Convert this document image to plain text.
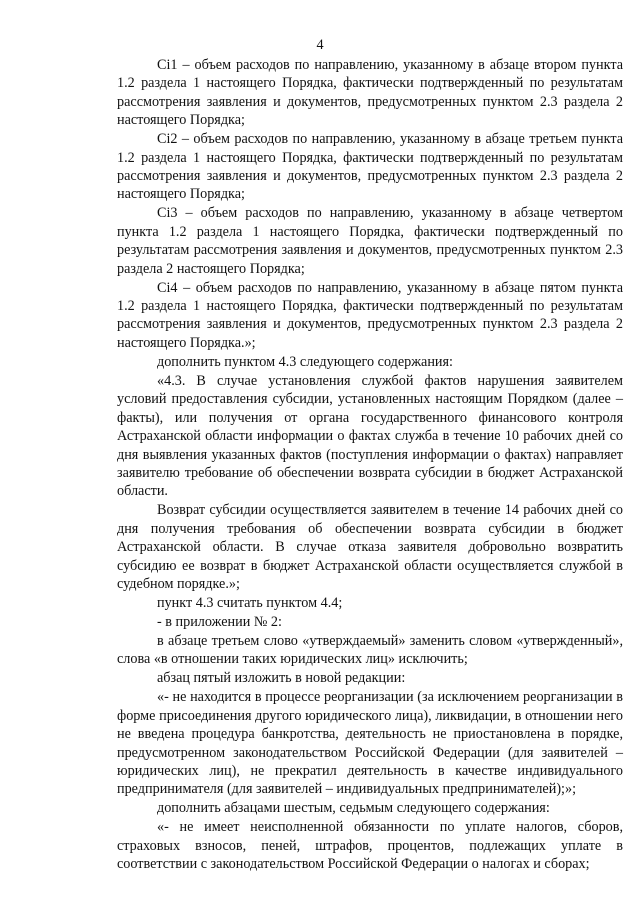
4

Ci1 – объем расходов по направлению, указанному в абзаце втором пункта 1.2 раздела 1 настоящего Порядка, фактически подтвержденный по результатам рассмотрения заявления и документов, предусмотренных пунктом 2.3 раздела 2 настоящего Порядка;

Ci2 – объем расходов по направлению, указанному в абзаце третьем пункта 1.2 раздела 1 настоящего Порядка, фактически подтвержденный по результатам рассмотрения заявления и документов, предусмотренных пунктом 2.3 раздела 2 настоящего Порядка;

Ci3 – объем расходов по направлению, указанному в абзаце четвертом пункта 1.2 раздела 1 настоящего Порядка, фактически подтвержденный по результатам рассмотрения заявления и документов, предусмотренных пунктом 2.3 раздела 2 настоящего Порядка;

Ci4 – объем расходов по направлению, указанному в абзаце пятом пункта 1.2 раздела 1 настоящего Порядка, фактически подтвержденный по результатам рассмотрения заявления и документов, предусмотренных пунктом 2.3 раздела 2 настоящего Порядка.»;

дополнить пунктом 4.3 следующего содержания:

«4.3. В случае установления службой фактов нарушения заявителем условий предоставления субсидии, установленных настоящим Порядком (далее – факты), или получения от органа государственного финансового контроля Астраханской области информации о фактах служба в течение 10 рабочих дней со дня выявления указанных фактов (поступления информации о фактах) направляет заявителю требование об обеспечении возврата субсидии в бюджет Астраханской области.

Возврат субсидии осуществляется заявителем в течение 14 рабочих дней со дня получения требования об обеспечении возврата субсидии в бюджет Астраханской области. В случае отказа заявителя добровольно возвратить субсидию ее возврат в бюджет Астраханской области осуществляется службой в судебном порядке.»;

пункт 4.3 считать пунктом 4.4;

- в приложении № 2:

в абзаце третьем слово «утверждаемый» заменить словом «утвержденный», слова «в отношении таких юридических лиц» исключить;

абзац пятый изложить в новой редакции:

«- не находится в процессе реорганизации (за исключением реорганизации в форме присоединения другого юридического лица), ликвидации, в отношении него не введена процедура банкротства, деятельность не приостановлена в порядке, предусмотренном законодательством Российской Федерации (для заявителей – юридических лиц), не прекратил деятельность в качестве индивидуального предпринимателя (для заявителей – индивидуальных предпринимателей);»;

дополнить абзацами шестым, седьмым следующего содержания:

«- не имеет неисполненной обязанности по уплате налогов, сборов, страховых взносов, пеней, штрафов, процентов, подлежащих уплате в соответствии с законодательством Российской Федерации о налогах и сборах;
